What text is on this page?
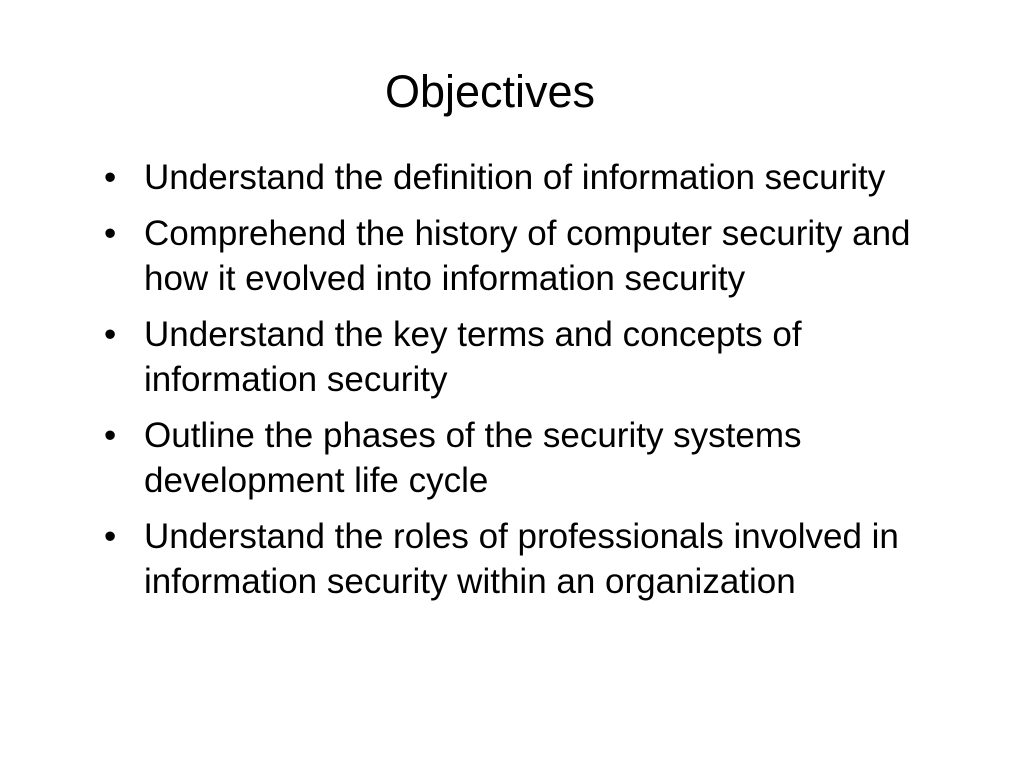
Objectives
• Understand the definition of information security
• Comprehend the history of computer security and how it evolved into information security
• Understand the key terms and concepts of information security
• Outline the phases of the security systems development life cycle
• Understand the roles of professionals involved in information security within an organization
